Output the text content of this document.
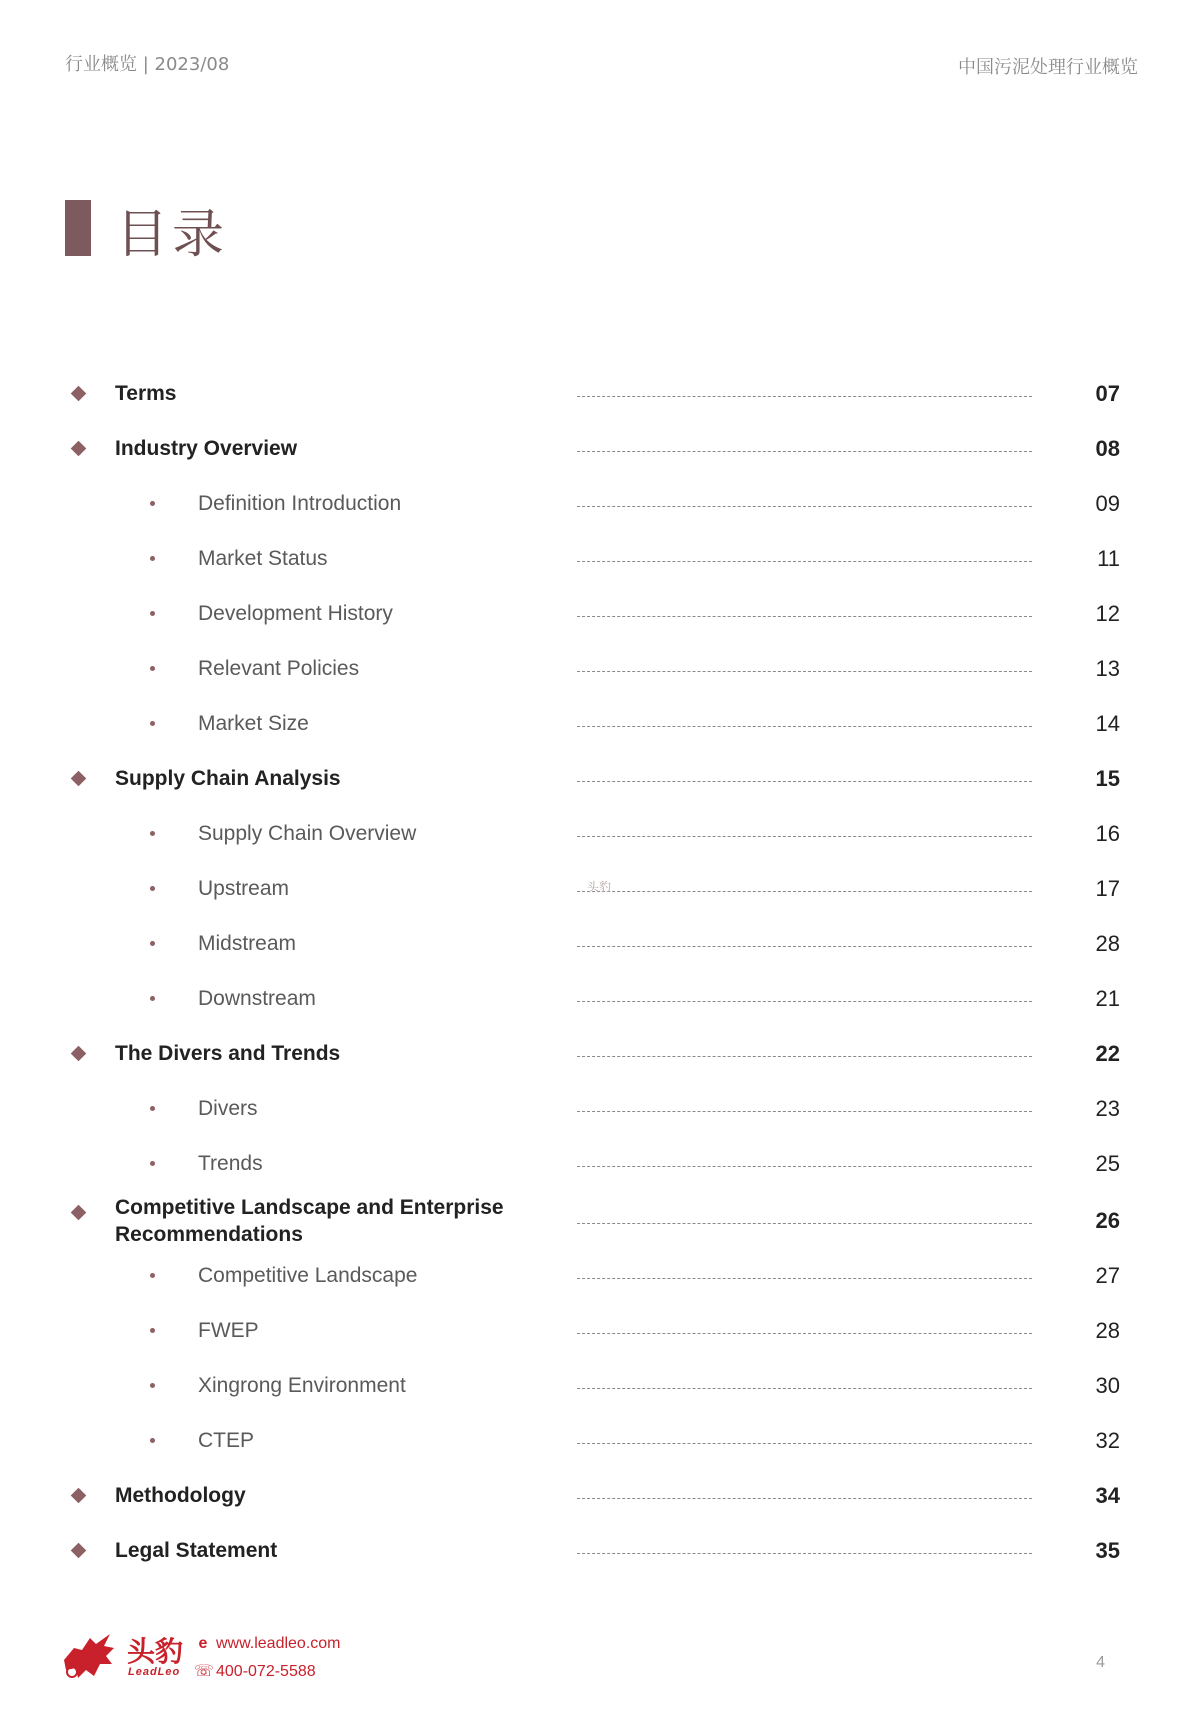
行业概览 | 2023/08	中国污泥处理行业概览
目录
Terms	07
Industry Overview	08
Definition Introduction	09
Market Status	11
Development History	12
Relevant Policies	13
Market Size	14
Supply Chain Analysis	15
Supply Chain Overview	16
Upstream	17
Midstream	28
Downstream	21
The Divers and Trends	22
Divers	23
Trends	25
Competitive Landscape and Enterprise Recommendations
26
Competitive Landscape	27
FWEP	28
Xingrong Environment	30
CTEP	32
Methodology	34
Legal Statement	35
头豹
头豹
LeadLeo
e www.leadleo.com
☏ 400-072-5588
4
